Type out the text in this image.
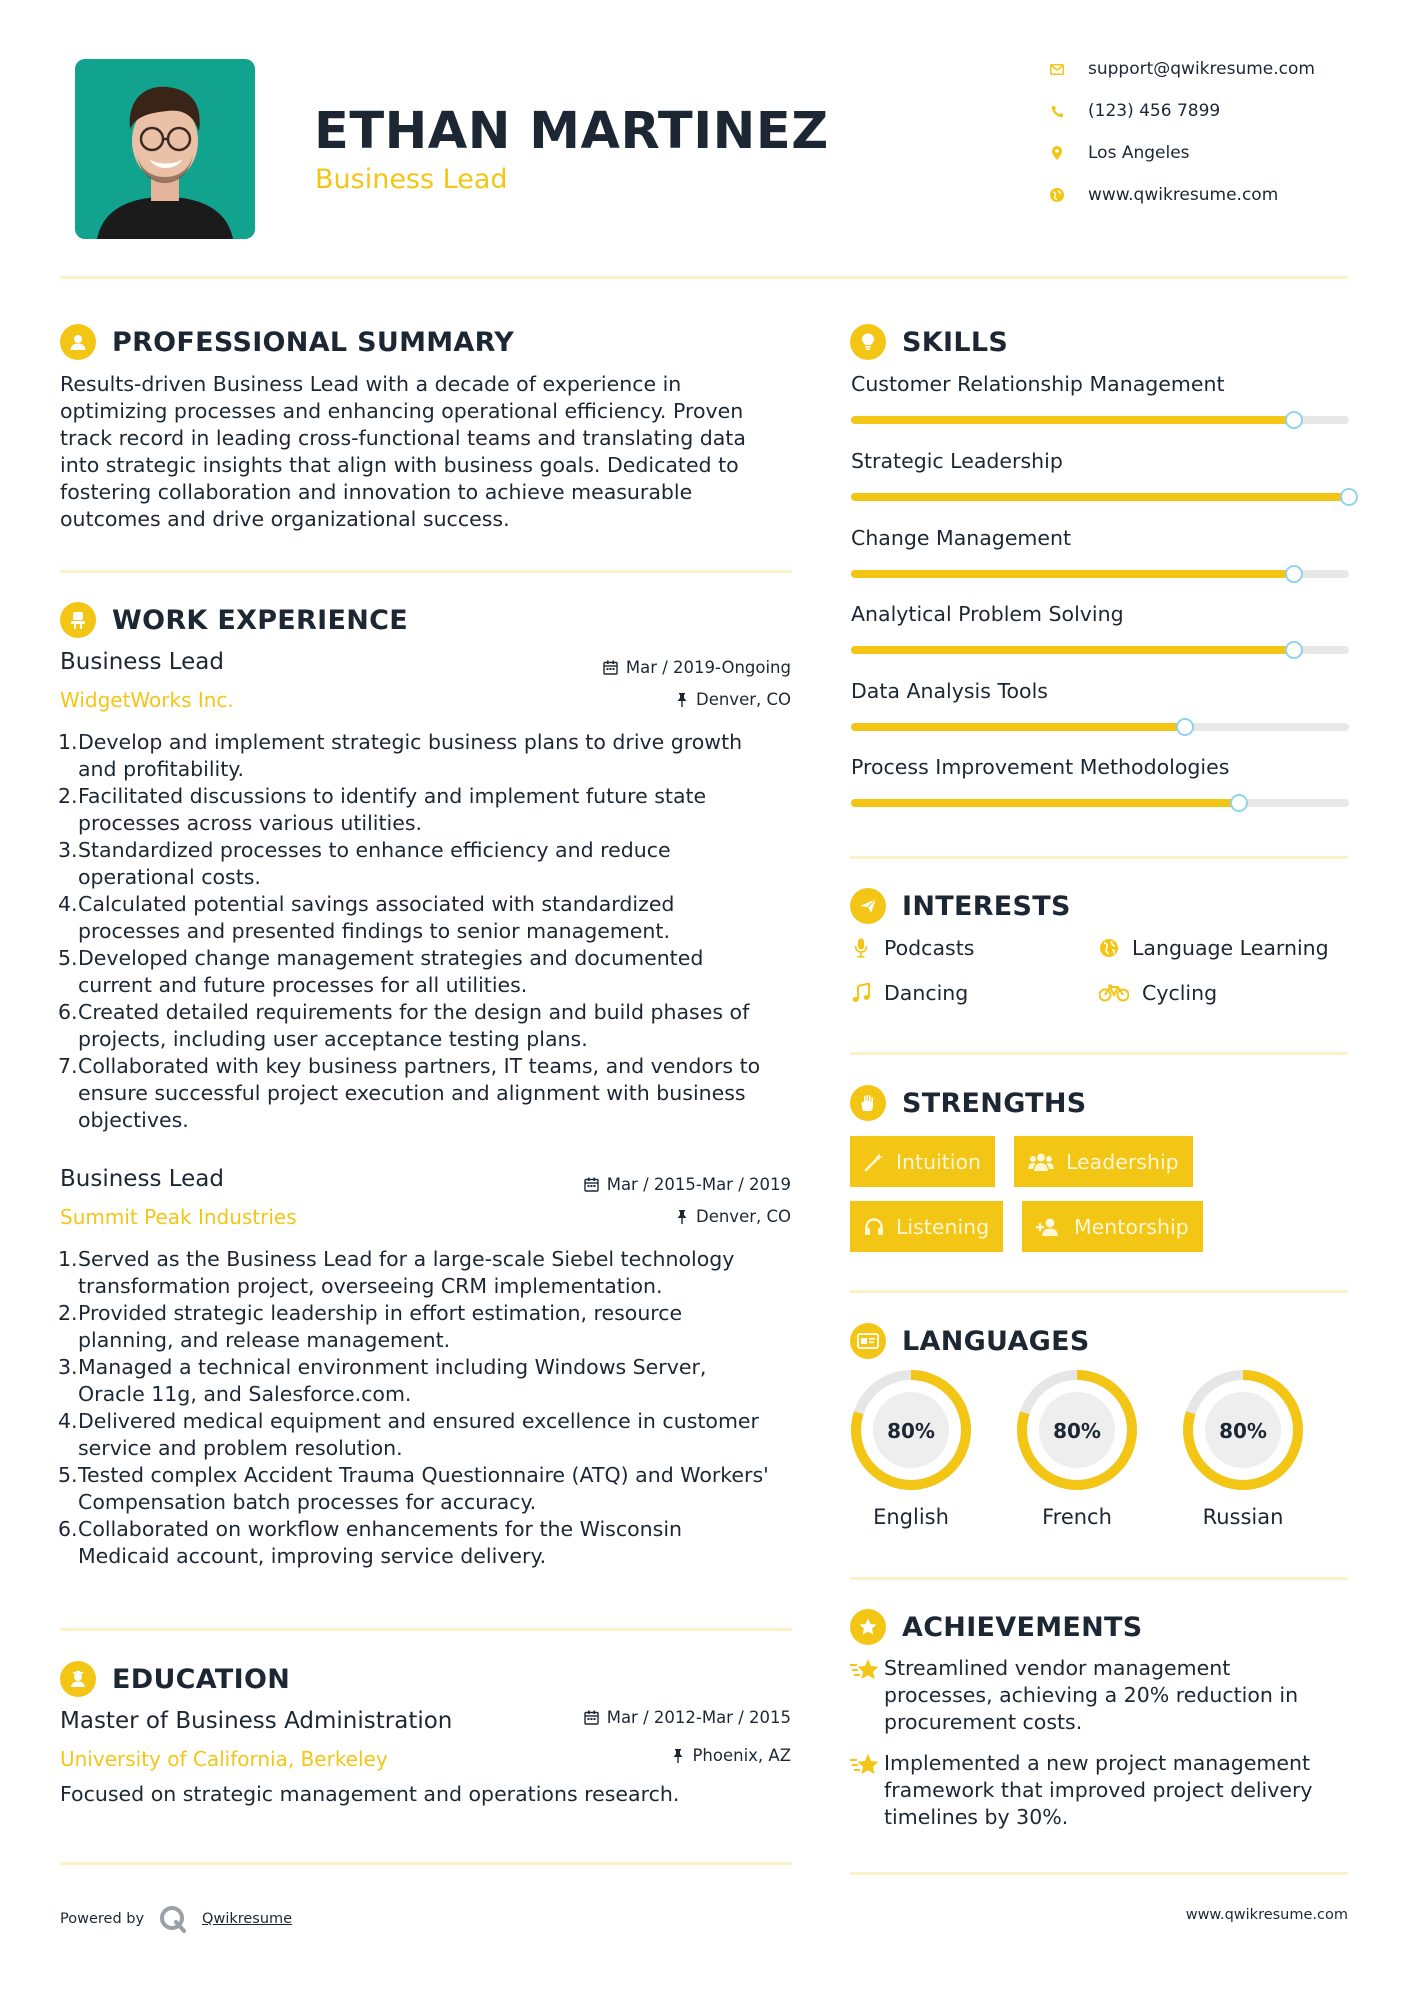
ETHAN MARTINEZ
Business Lead
support@qwikresume.com
(123) 456 7899
Los Angeles
www.qwikresume.com
PROFESSIONAL SUMMARY
Results-driven Business Lead with a decade of experience in
optimizing processes and enhancing operational efficiency. Proven
track record in leading cross-functional teams and translating data
into strategic insights that align with business goals. Dedicated to
fostering collaboration and innovation to achieve measurable
outcomes and drive organizational success.
WORK EXPERIENCE
Business Lead
WidgetWorks Inc.
Mar / 2019-Ongoing
Denver, CO
1. Develop and implement strategic business plans to drive growth
and profitability.
2. Facilitated discussions to identify and implement future state
processes across various utilities.
3. Standardized processes to enhance efficiency and reduce
operational costs.
4. Calculated potential savings associated with standardized
processes and presented findings to senior management.
5. Developed change management strategies and documented
current and future processes for all utilities.
6. Created detailed requirements for the design and build phases of
projects, including user acceptance testing plans.
7. Collaborated with key business partners, IT teams, and vendors to
ensure successful project execution and alignment with business
objectives.
Business Lead
Summit Peak Industries
Mar / 2015-Mar / 2019
Denver, CO
1. Served as the Business Lead for a large-scale Siebel technology
transformation project, overseeing CRM implementation.
2. Provided strategic leadership in effort estimation, resource
planning, and release management.
3. Managed a technical environment including Windows Server,
Oracle 11g, and Salesforce.com.
4. Delivered medical equipment and ensured excellence in customer
service and problem resolution.
5. Tested complex Accident Trauma Questionnaire (ATQ) and Workers'
Compensation batch processes for accuracy.
6. Collaborated on workflow enhancements for the Wisconsin
Medicaid account, improving service delivery.
EDUCATION
Master of Business Administration
University of California, Berkeley
Mar / 2012-Mar / 2015
Phoenix, AZ
Focused on strategic management and operations research.
SKILLS
Customer Relationship Management
Strategic Leadership
Change Management
Analytical Problem Solving
Data Analysis Tools
Process Improvement Methodologies
INTERESTS
Podcasts	Language Learning
Dancing	Cycling
STRENGTHS
Intuition	Leadership
Listening	Mentorship
LANGUAGES
80%
English
80%
French
80%
Russian
ACHIEVEMENTS
Streamlined vendor management
processes, achieving a 20% reduction in
procurement costs.
Implemented a new project management
framework that improved project delivery
timelines by 30%.
Powered by	Qwikresume	www.qwikresume.com
